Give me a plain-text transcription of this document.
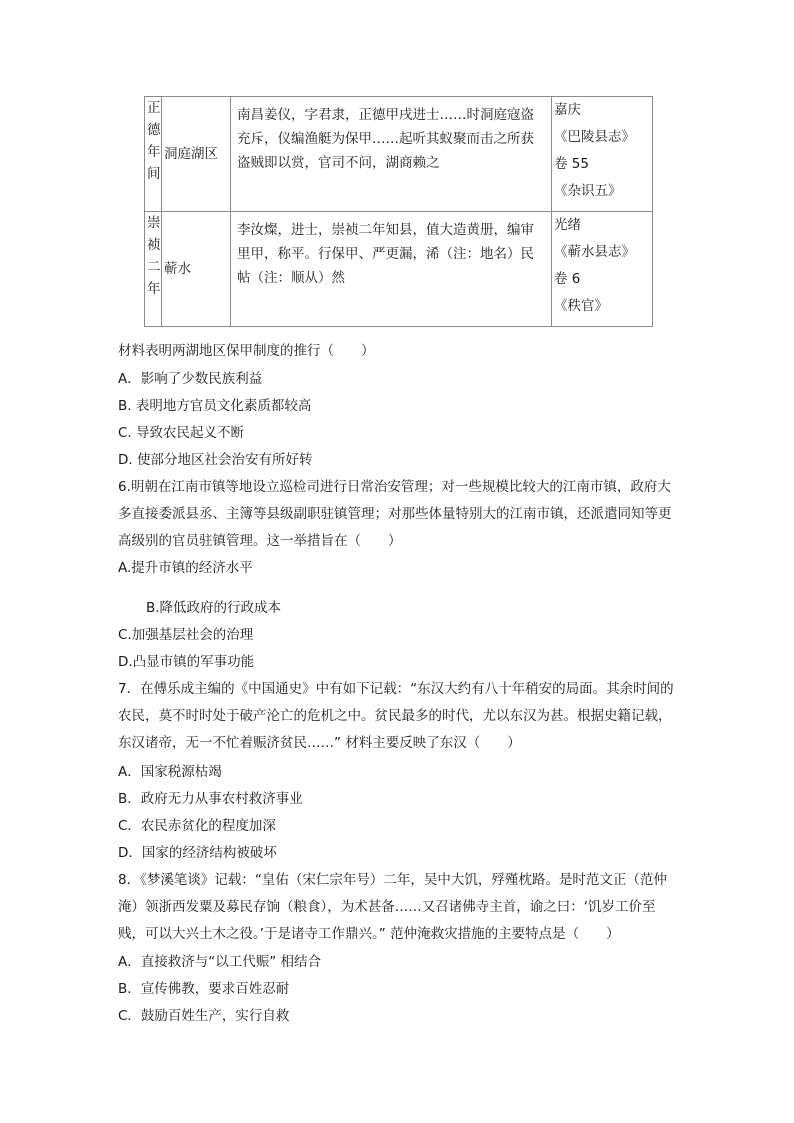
正
德
年
间	洞庭湖区	南昌姜仪，字君隶，正德甲戌进士……时洞庭寇盗充斥，仪编渔艇为保甲……起听其蚁聚而击之所获盗贼即以赏，官司不问，湖商赖之	嘉庆
《巴陵县志》
卷 55
《杂识五》

崇
祯
二
年	蕲水	李汝燦，进士，崇祯二年知县，值大造黄册，编审里甲，称平。行保甲、严更漏，浠（注：地名）民帖（注：顺从）然	光绪
《蕲水县志》
卷 6
《秩官》
材料表明两湖地区保甲制度的推行（　　）
A．影响了少数民族利益
B. 表明地方官员文化素质都较高
C. 导致农民起义不断
D. 使部分地区社会治安有所好转
6.明朝在江南市镇等地设立巡检司进行日常治安管理；对一些规模比较大的江南市镇，政府大多直接委派县丞、主簿等县级副职驻镇管理；对那些体量特别大的江南市镇，还派遣同知等更高级别的官员驻镇管理。这一举措旨在（　　）
A.提升市镇的经济水平
B.降低政府的行政成本
C.加强基层社会的治理
D.凸显市镇的军事功能
7．在傅乐成主编的《中国通史》中有如下记载：“东汉大约有八十年稍安的局面。其余时间的农民，莫不时时处于破产沦亡的危机之中。贫民最多的时代，尤以东汉为甚。根据史籍记载，东汉诸帝，无一不忙着赈济贫民……” 材料主要反映了东汉（　　）
A．国家税源枯竭
B．政府无力从事农村救济事业
C．农民赤贫化的程度加深
D．国家的经济结构被破坏
8．《梦溪笔谈》记载：“皇佑（宋仁宗年号）二年，吴中大饥，殍殣枕路。是时范文正（范仲淹）领浙西发粟及募民存饷（粮食），为术甚备……又召诸佛寺主首，谕之曰：‘饥岁工价至贱，可以大兴土木之役。’于是诸寺工作鼎兴。” 范仲淹救灾措施的主要特点是（　　）
A．直接救济与“以工代赈” 相结合
B．宣传佛教，要求百姓忍耐
C．鼓励百姓生产，实行自救
